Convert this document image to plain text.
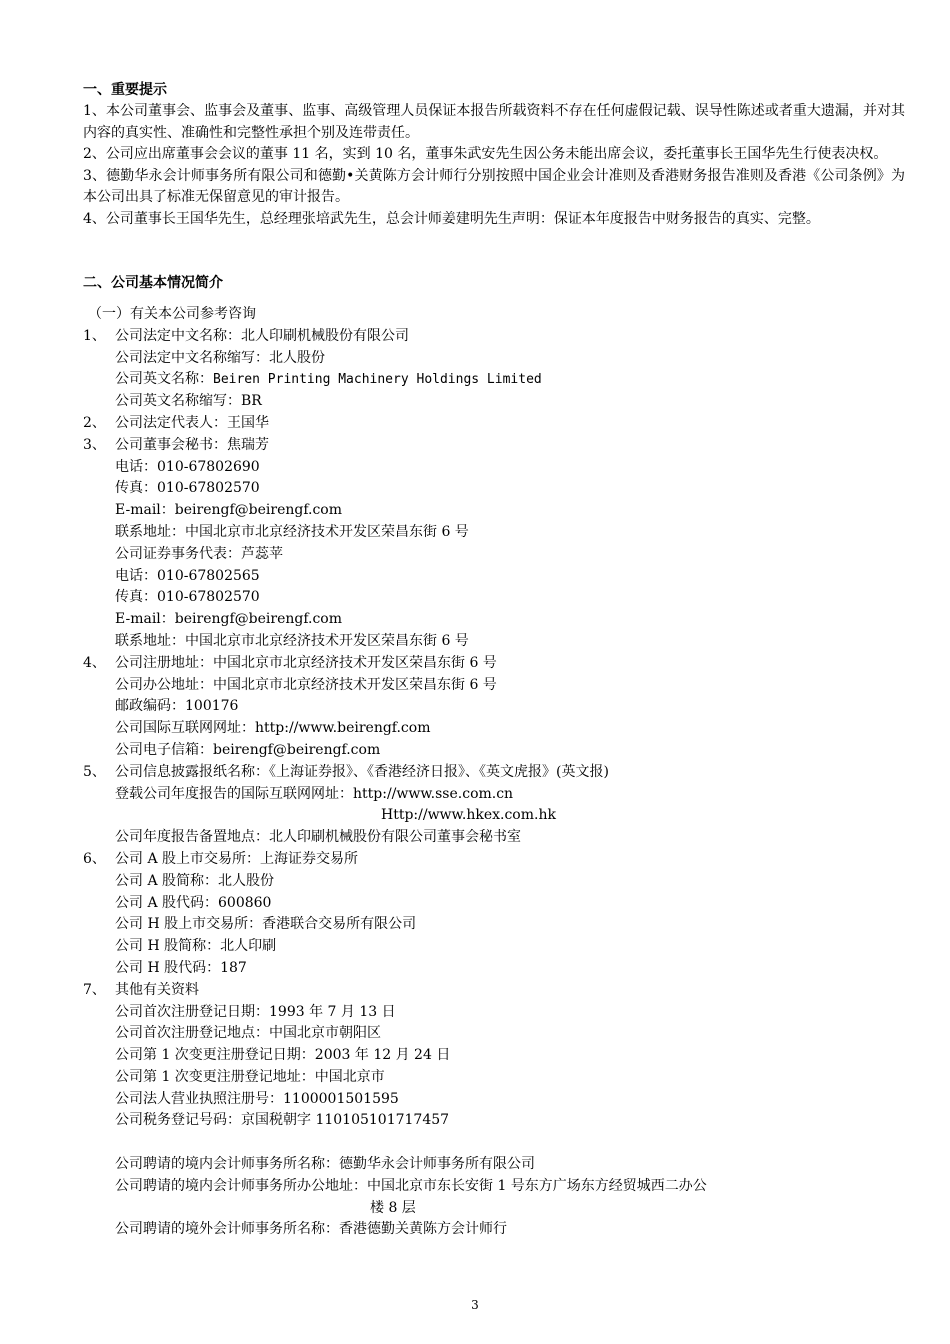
一、重要提示
1、本公司董事会、监事会及董事、监事、高级管理人员保证本报告所载资料不存在任何虚假记载、误导性陈述或者重大遗漏，并对其内容的真实性、准确性和完整性承担个别及连带责任。
2、公司应出席董事会会议的董事 11 名，实到 10 名，董事朱武安先生因公务未能出席会议，委托董事长王国华先生行使表决权。
3、德勤华永会计师事务所有限公司和德勤•关黄陈方会计师行分别按照中国企业会计准则及香港财务报告准则及香港《公司条例》为本公司出具了标准无保留意见的审计报告。
4、公司董事长王国华先生，总经理张培武先生，总会计师姜建明先生声明：保证本年度报告中财务报告的真实、完整。
二、公司基本情况简介
（一）有关本公司参考咨询
1、 公司法定中文名称：北人印刷机械股份有限公司
公司法定中文名称缩写：北人股份
公司英文名称：Beiren Printing Machinery Holdings Limited
公司英文名称缩写：BR
2、 公司法定代表人：王国华
3、 公司董事会秘书：焦瑞芳
电话：010-67802690
传真：010-67802570
E-mail：beirengf@beirengf.com
联系地址：中国北京市北京经济技术开发区荣昌东街 6 号
公司证券事务代表：芦蕊苹
电话：010-67802565
传真：010-67802570
E-mail：beirengf@beirengf.com
联系地址：中国北京市北京经济技术开发区荣昌东街 6 号
4、 公司注册地址：中国北京市北京经济技术开发区荣昌东街 6 号
公司办公地址：中国北京市北京经济技术开发区荣昌东街 6 号
邮政编码：100176
公司国际互联网网址：http://www.beirengf.com
公司电子信箱：beirengf@beirengf.com
5、 公司信息披露报纸名称：《上海证券报》、《香港经济日报》、《英文虎报》(英文报)
登载公司年度报告的国际互联网网址：http://www.sse.com.cn
Http://www.hkex.com.hk
公司年度报告备置地点：北人印刷机械股份有限公司董事会秘书室
6、 公司 A 股上市交易所：上海证券交易所
公司 A 股简称：北人股份
公司 A 股代码：600860
公司 H 股上市交易所：香港联合交易所有限公司
公司 H 股简称：北人印刷
公司 H 股代码：187
7、 其他有关资料
公司首次注册登记日期：1993 年 7 月 13 日
公司首次注册登记地点：中国北京市朝阳区
公司第 1 次变更注册登记日期：2003 年 12 月 24 日
公司第 1 次变更注册登记地址：中国北京市
公司法人营业执照注册号：1100001501595
公司税务登记号码：京国税朝字 110105101717457
公司聘请的境内会计师事务所名称：德勤华永会计师事务所有限公司
公司聘请的境内会计师事务所办公地址：中国北京市东长安街 1 号东方广场东方经贸城西二办公
楼 8 层
公司聘请的境外会计师事务所名称：香港德勤关黄陈方会计师行
3
